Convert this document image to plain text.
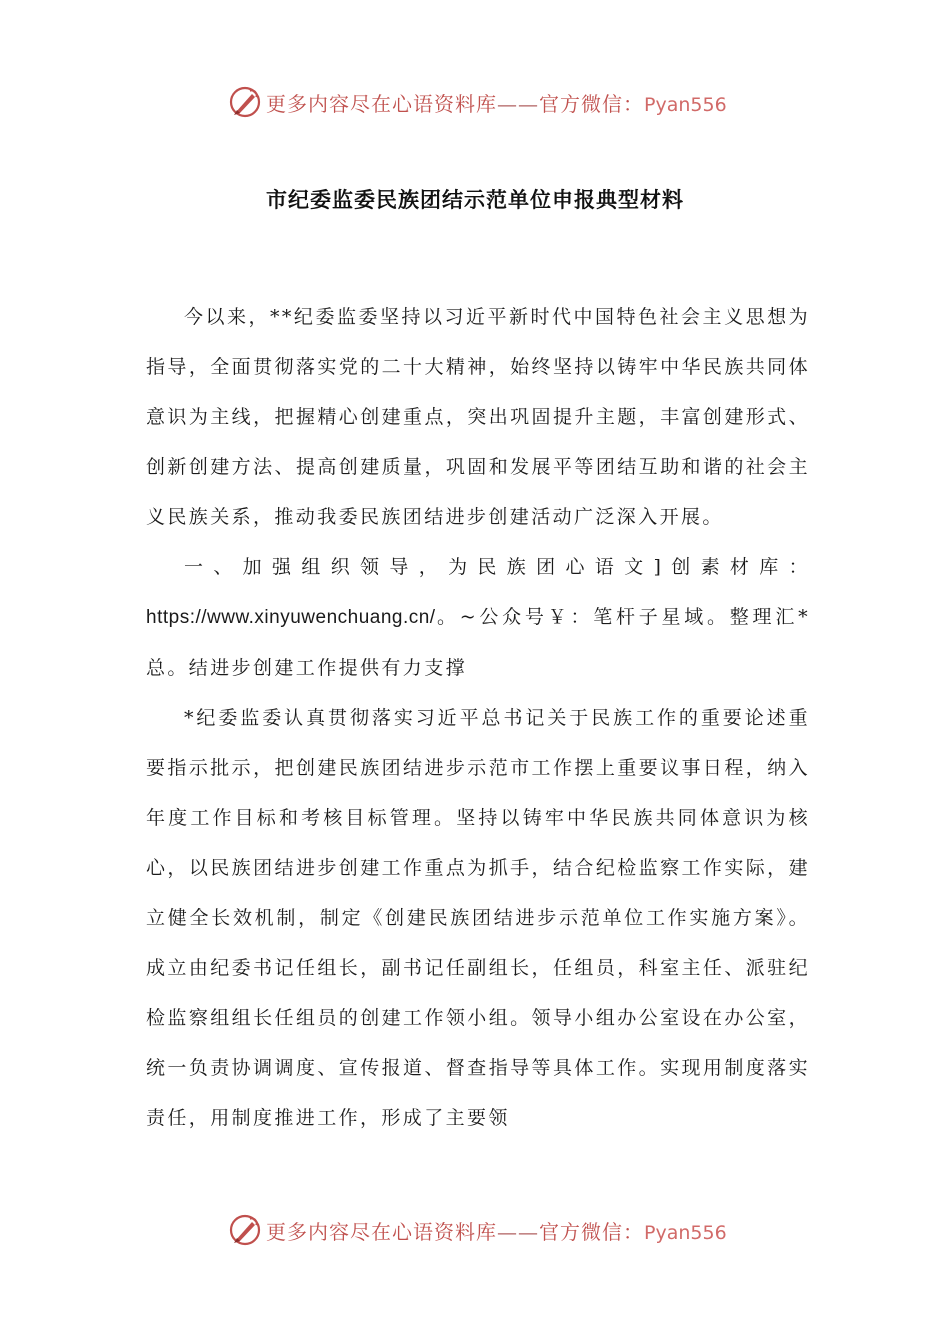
更多内容尽在心语资料库——官方微信：Pyan556
市纪委监委民族团结示范单位申报典型材料

今以来，**纪委监委坚持以习近平新时代中国特色社会主义思想为指导，全面贯彻落实党的二十大精神，始终坚持以铸牢中华民族共同体意识为主线，把握精心创建重点，突出巩固提升主题，丰富创建形式、创新创建方法、提高创建质量，巩固和发展平等团结互助和谐的社会主义民族关系，推动我委民族团结进步创建活动广泛深入开展。

一、加强组织领导，为民族团心语文]创素材库：https://www.xinyuwenchuang.cn/。~公众号￥：笔杆子星域。整理汇*总。结进步创建工作提供有力支撑

*纪委监委认真贯彻落实习近平总书记关于民族工作的重要论述重要指示批示，把创建民族团结进步示范市工作摆上重要议事日程，纳入年度工作目标和考核目标管理。坚持以铸牢中华民族共同体意识为核心，以民族团结进步创建工作重点为抓手，结合纪检监察工作实际，建立健全长效机制，制定《创建民族团结进步示范单位工作实施方案》。成立由纪委书记任组长，副书记任副组长，任组员，科室主任、派驻纪检监察组组长任组员的创建工作领小组。领导小组办公室设在办公室，统一负责协调调度、宣传报道、督查指导等具体工作。实现用制度落实责任，用制度推进工作，形成了主要领

更多内容尽在心语资料库——官方微信：Pyan556
